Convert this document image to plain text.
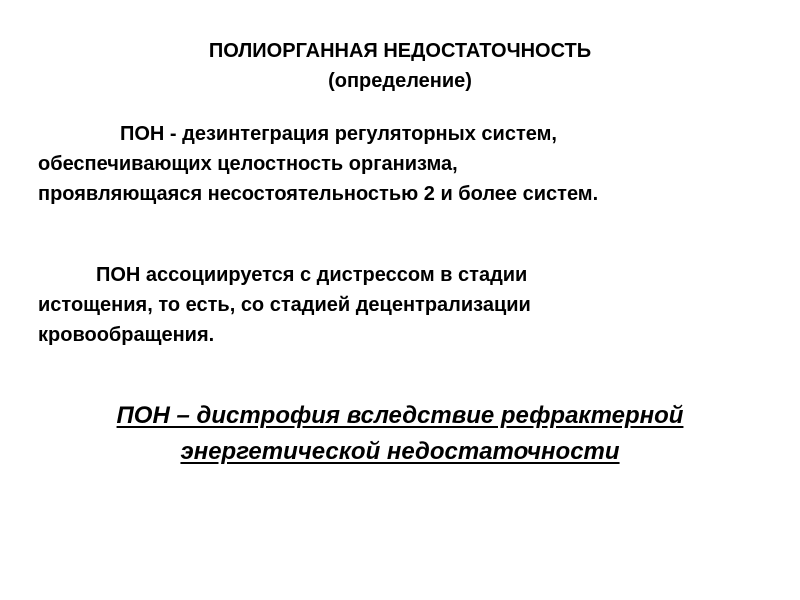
ПОЛИОРГАННАЯ НЕДОСТАТОЧНОСТЬ
(определение)
ПОН - дезинтеграция регуляторных систем,
обеспечивающих целостность организма,
проявляющаяся несостоятельностью 2 и более систем.
ПОН ассоциируется с дистрессом в стадии
истощения, то есть, со стадией децентрализации
кровообращения.
ПОН – дистрофия вследствие рефрактерной
энергетической недостаточности
